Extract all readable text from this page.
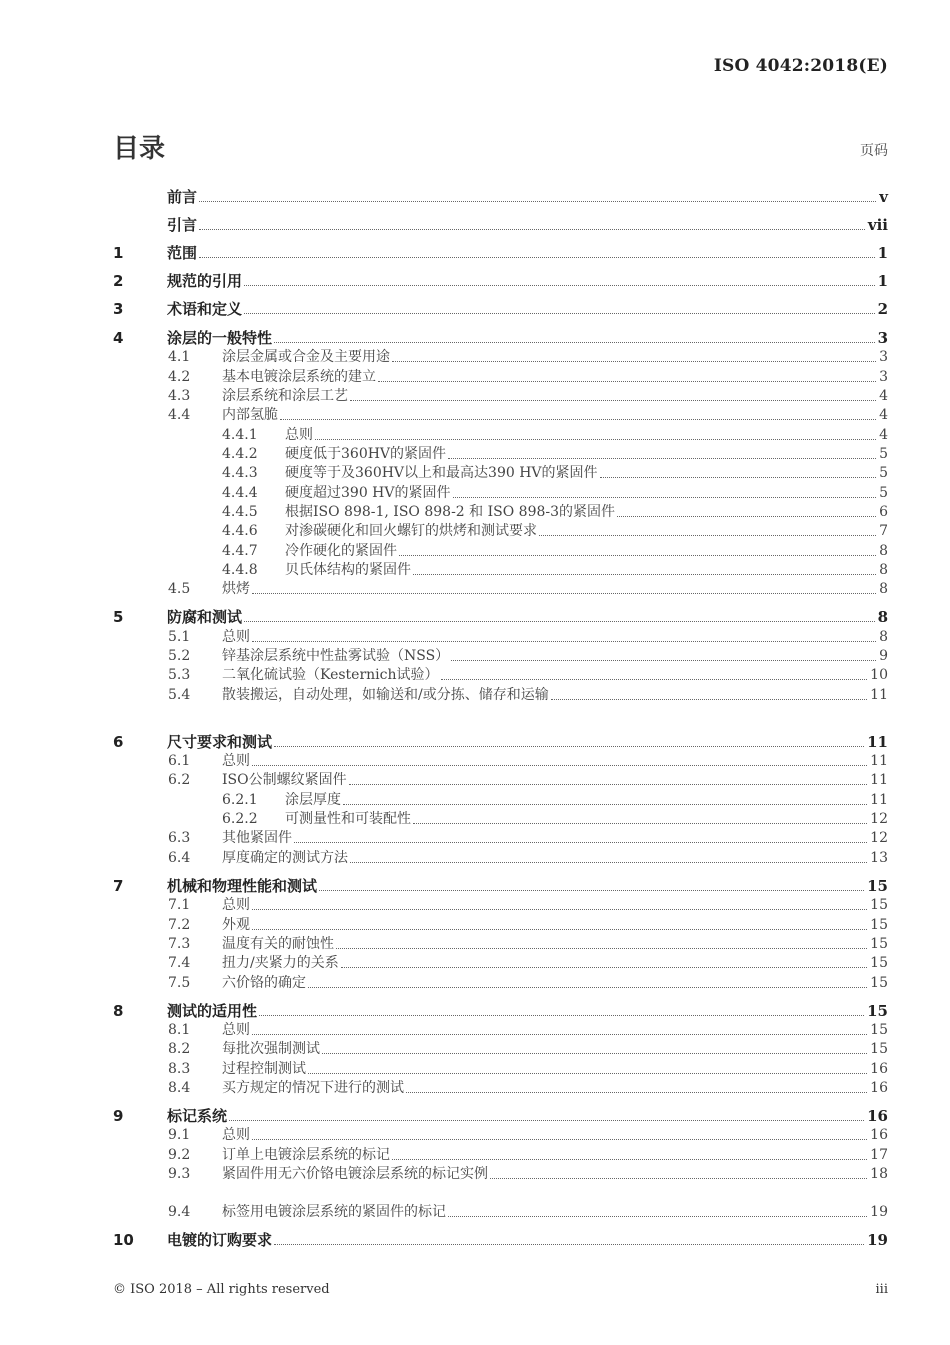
ISO 4042:2018(E)
目录	页码
前言	v
引言	vii
1	范围	1
2	规范的引用	1
3	术语和定义	2
4	涂层的一般特性	3
4.1	涂层金属或合金及主要用途	3
4.2	基本电镀涂层系统的建立	3
4.3	涂层系统和涂层工艺	4
4.4	内部氢脆	4
4.4.1	总则	4
4.4.2	硬度低于360HV的紧固件	5
4.4.3	硬度等于及360HV以上和最高达390 HV的紧固件	5
4.4.4	硬度超过390 HV的紧固件	5
4.4.5	根据ISO 898-1, ISO 898-2 和 ISO 898-3的紧固件	6
4.4.6	对渗碳硬化和回火螺钉的烘烤和测试要求	7
4.4.7	冷作硬化的紧固件	8
4.4.8	贝氏体结构的紧固件	8
4.5	烘烤	8
5	防腐和测试	8
5.1	总则	8
5.2	锌基涂层系统中性盐雾试验（NSS）	9
5.3	二氧化硫试验（Kesternich试验）	10
5.4	散装搬运，自动处理，如输送和/或分拣、储存和运输	11
6	尺寸要求和测试	11
6.1	总则	11
6.2	ISO公制螺纹紧固件	11
6.2.1	涂层厚度	11
6.2.2	可测量性和可装配性	12
6.3	其他紧固件	12
6.4	厚度确定的测试方法	13
7	机械和物理性能和测试	15
7.1	总则	15
7.2	外观	15
7.3	温度有关的耐蚀性	15
7.4	扭力/夹紧力的关系	15
7.5	六价铬的确定	15
8	测试的适用性	15
8.1	总则	15
8.2	每批次强制测试	15
8.3	过程控制测试	16
8.4	买方规定的情况下进行的测试	16
9	标记系统	16
9.1	总则	16
9.2	订单上电镀涂层系统的标记	17
9.3	紧固件用无六价铬电镀涂层系统的标记实例	18
9.4	标签用电镀涂层系统的紧固件的标记	19
10	电镀的订购要求	19
© ISO 2018 – All rights reserved	iii
